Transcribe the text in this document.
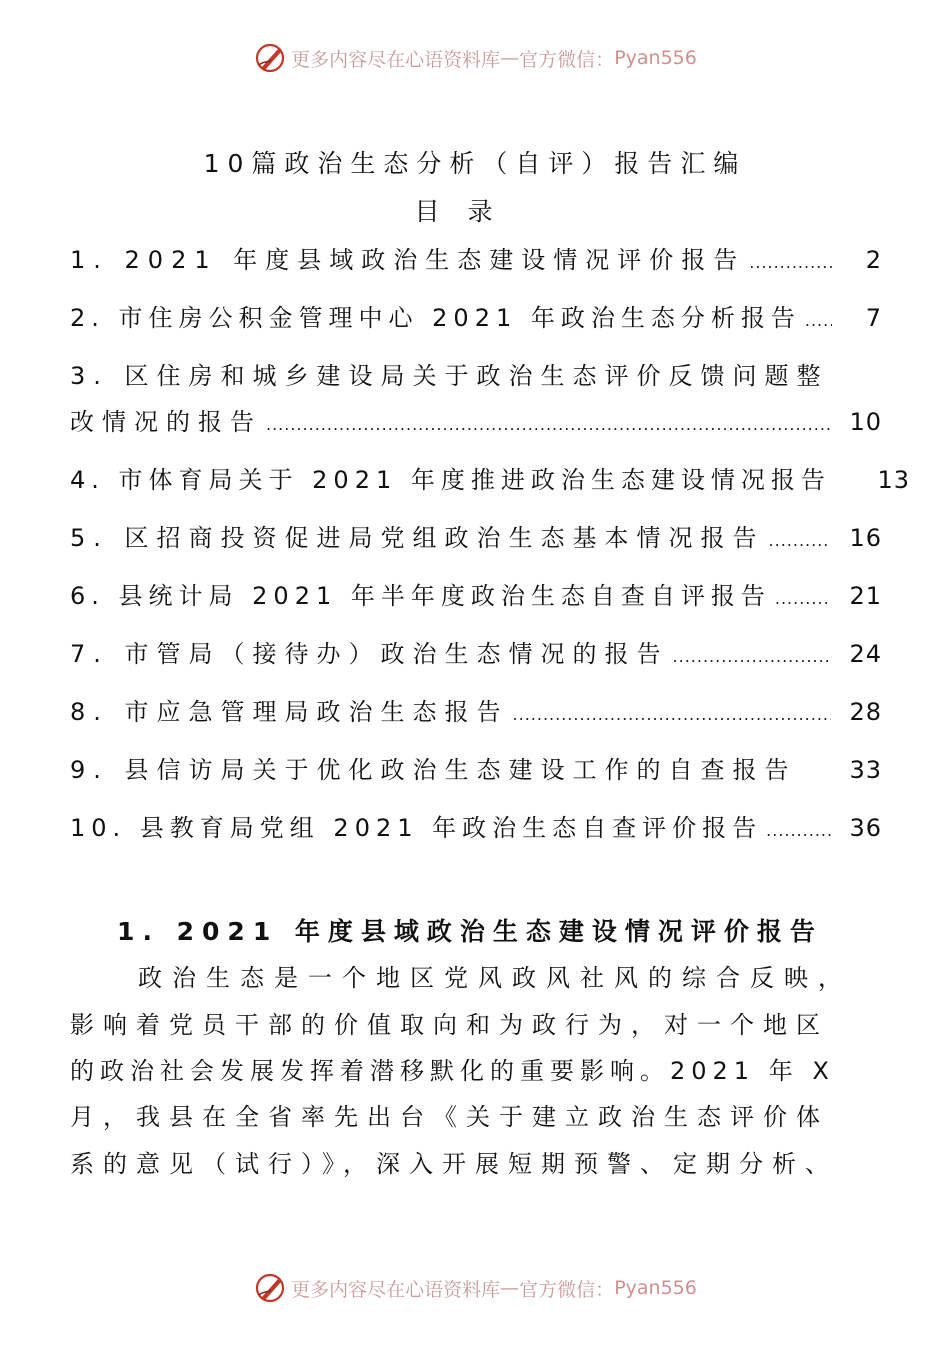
更多内容尽在心语资料库 — 官方微信： Pyan556
10篇政治生态分析（自评）报告汇编
目录
1. 2021 年度县域政治生态建设情况评价报告 .....	2
2. 市住房公积金管理中心 2021 年政治生态分析报告 .....	7
3. 区住房和城乡建设局关于政治生态评价反馈问题整
改情况的报告 .....	10
4. 市体育局关于 2021 年度推进政治生态建设情况报告 13
5. 区招商投资促进局党组政治生态基本情况报告 .....	16
6. 县统计局 2021 年半年度政治生态自查自评报告 .....	21
7. 市管局（接待办）政治生态情况的报告 .....	24
8. 市应急管理局政治生态报告 .....	28
9. 县信访局关于优化政治生态建设工作的自查报告 33
10. 县教育局党组 2021 年政治生态自查评价报告 .....	36
1. 2021 年度县域政治生态建设情况评价报告
政治生态是一个地区党风政风社风的综合反映，
影响着党员干部的价值取向和为政行为，对一个地区
的政治社会发展发挥着潜移默化的重要影响。2021 年 X
月，我县在全省率先出台《关于建立政治生态评价体
系的意见（试行）》，深入开展短期预警、定期分析、
更多内容尽在心语资料库 — 官方微信： Pyan556
